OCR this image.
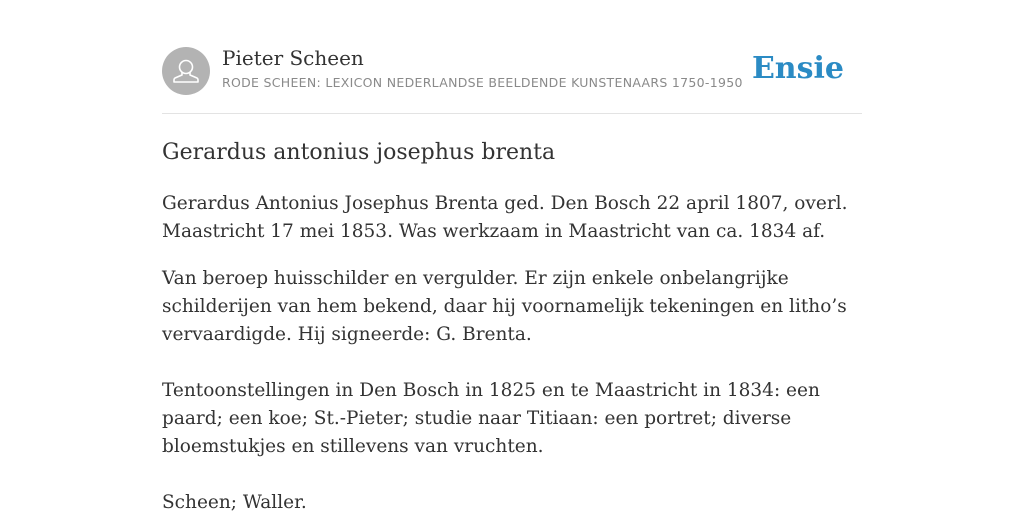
Pieter Scheen
RODE SCHEEN: LEXICON NEDERLANDSE BEELDENDE KUNSTENAARS 1750-1950 Ensie
Gerardus antonius josephus brenta

Gerardus Antonius Josephus Brenta ged. Den Bosch 22 april 1807, overl. Maastricht 17 mei 1853. Was werkzaam in Maastricht van ca. 1834 af.

Van beroep huisschilder en vergulder. Er zijn enkele onbelangrijke schilderijen van hem bekend, daar hij voornamelijk tekeningen en litho’s vervaardigde. Hij signeerde: G. Brenta.

Tentoonstellingen in Den Bosch in 1825 en te Maastricht in 1834: een paard; een koe; St.-Pieter; studie naar Titiaan: een portret; diverse bloemstukjes en stillevens van vruchten.

Scheen; Waller.
